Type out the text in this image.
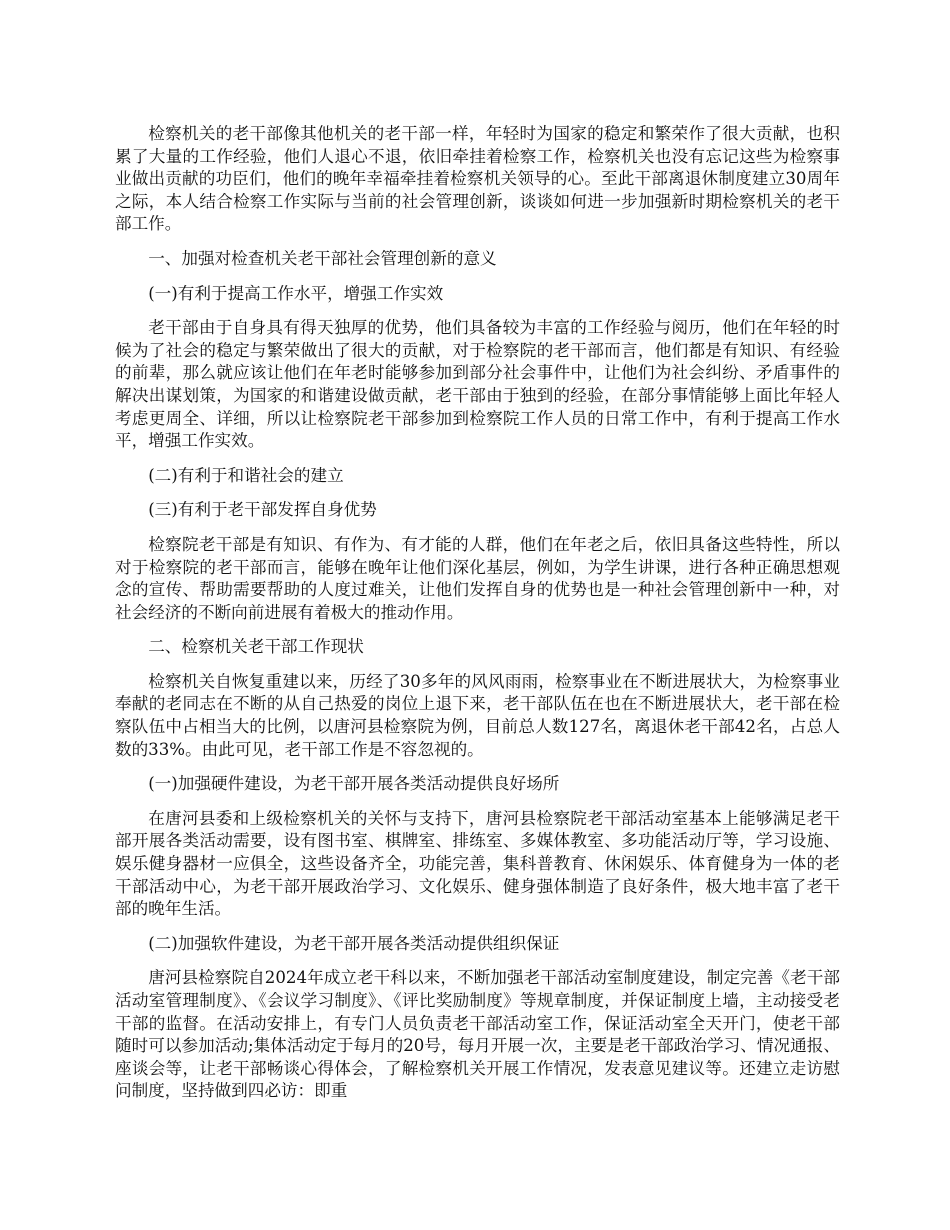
检察机关的老干部像其他机关的老干部一样，年轻时为国家的稳定和繁荣作了很大贡献，也积累了大量的工作经验，他们人退心不退，依旧牵挂着检察工作，检察机关也没有忘记这些为检察事业做出贡献的功臣们，他们的晚年幸福牵挂着检察机关领导的心。至此干部离退休制度建立30周年之际，本人结合检察工作实际与当前的社会管理创新，谈谈如何进一步加强新时期检察机关的老干部工作。

一、加强对检查机关老干部社会管理创新的意义

(一)有利于提高工作水平，增强工作实效

老干部由于自身具有得天独厚的优势，他们具备较为丰富的工作经验与阅历，他们在年轻的时候为了社会的稳定与繁荣做出了很大的贡献，对于检察院的老干部而言，他们都是有知识、有经验的前辈，那么就应该让他们在年老时能够参加到部分社会事件中，让他们为社会纠纷、矛盾事件的解决出谋划策，为国家的和谐建设做贡献，老干部由于独到的经验，在部分事情能够上面比年轻人考虑更周全、详细，所以让检察院老干部参加到检察院工作人员的日常工作中，有利于提高工作水平，增强工作实效。

(二)有利于和谐社会的建立

(三)有利于老干部发挥自身优势

检察院老干部是有知识、有作为、有才能的人群，他们在年老之后，依旧具备这些特性，所以对于检察院的老干部而言，能够在晚年让他们深化基层，例如，为学生讲课，进行各种正确思想观念的宣传、帮助需要帮助的人度过难关，让他们发挥自身的优势也是一种社会管理创新中一种，对社会经济的不断向前进展有着极大的推动作用。

二、检察机关老干部工作现状

检察机关自恢复重建以来，历经了30多年的风风雨雨，检察事业在不断进展状大，为检察事业奉献的老同志在不断的从自己热爱的岗位上退下来，老干部队伍在也在不断进展状大，老干部在检察队伍中占相当大的比例，以唐河县检察院为例，目前总人数127名，离退休老干部42名，占总人数的33%。由此可见，老干部工作是不容忽视的。

(一)加强硬件建设，为老干部开展各类活动提供良好场所

在唐河县委和上级检察机关的关怀与支持下，唐河县检察院老干部活动室基本上能够满足老干部开展各类活动需要，设有图书室、棋牌室、排练室、多媒体教室、多功能活动厅等，学习设施、娱乐健身器材一应俱全，这些设备齐全，功能完善，集科普教育、休闲娱乐、体育健身为一体的老干部活动中心，为老干部开展政治学习、文化娱乐、健身强体制造了良好条件，极大地丰富了老干部的晚年生活。

(二)加强软件建设，为老干部开展各类活动提供组织保证

唐河县检察院自2024年成立老干科以来，不断加强老干部活动室制度建设，制定完善《老干部活动室管理制度》、《会议学习制度》、《评比奖励制度》等规章制度，并保证制度上墙，主动接受老干部的监督。在活动安排上，有专门人员负责老干部活动室工作，保证活动室全天开门，使老干部随时可以参加活动;集体活动定于每月的20号，每月开展一次，主要是老干部政治学习、情况通报、座谈会等，让老干部畅谈心得体会，了解检察机关开展工作情况，发表意见建议等。还建立走访慰问制度，坚持做到四必访：即重
